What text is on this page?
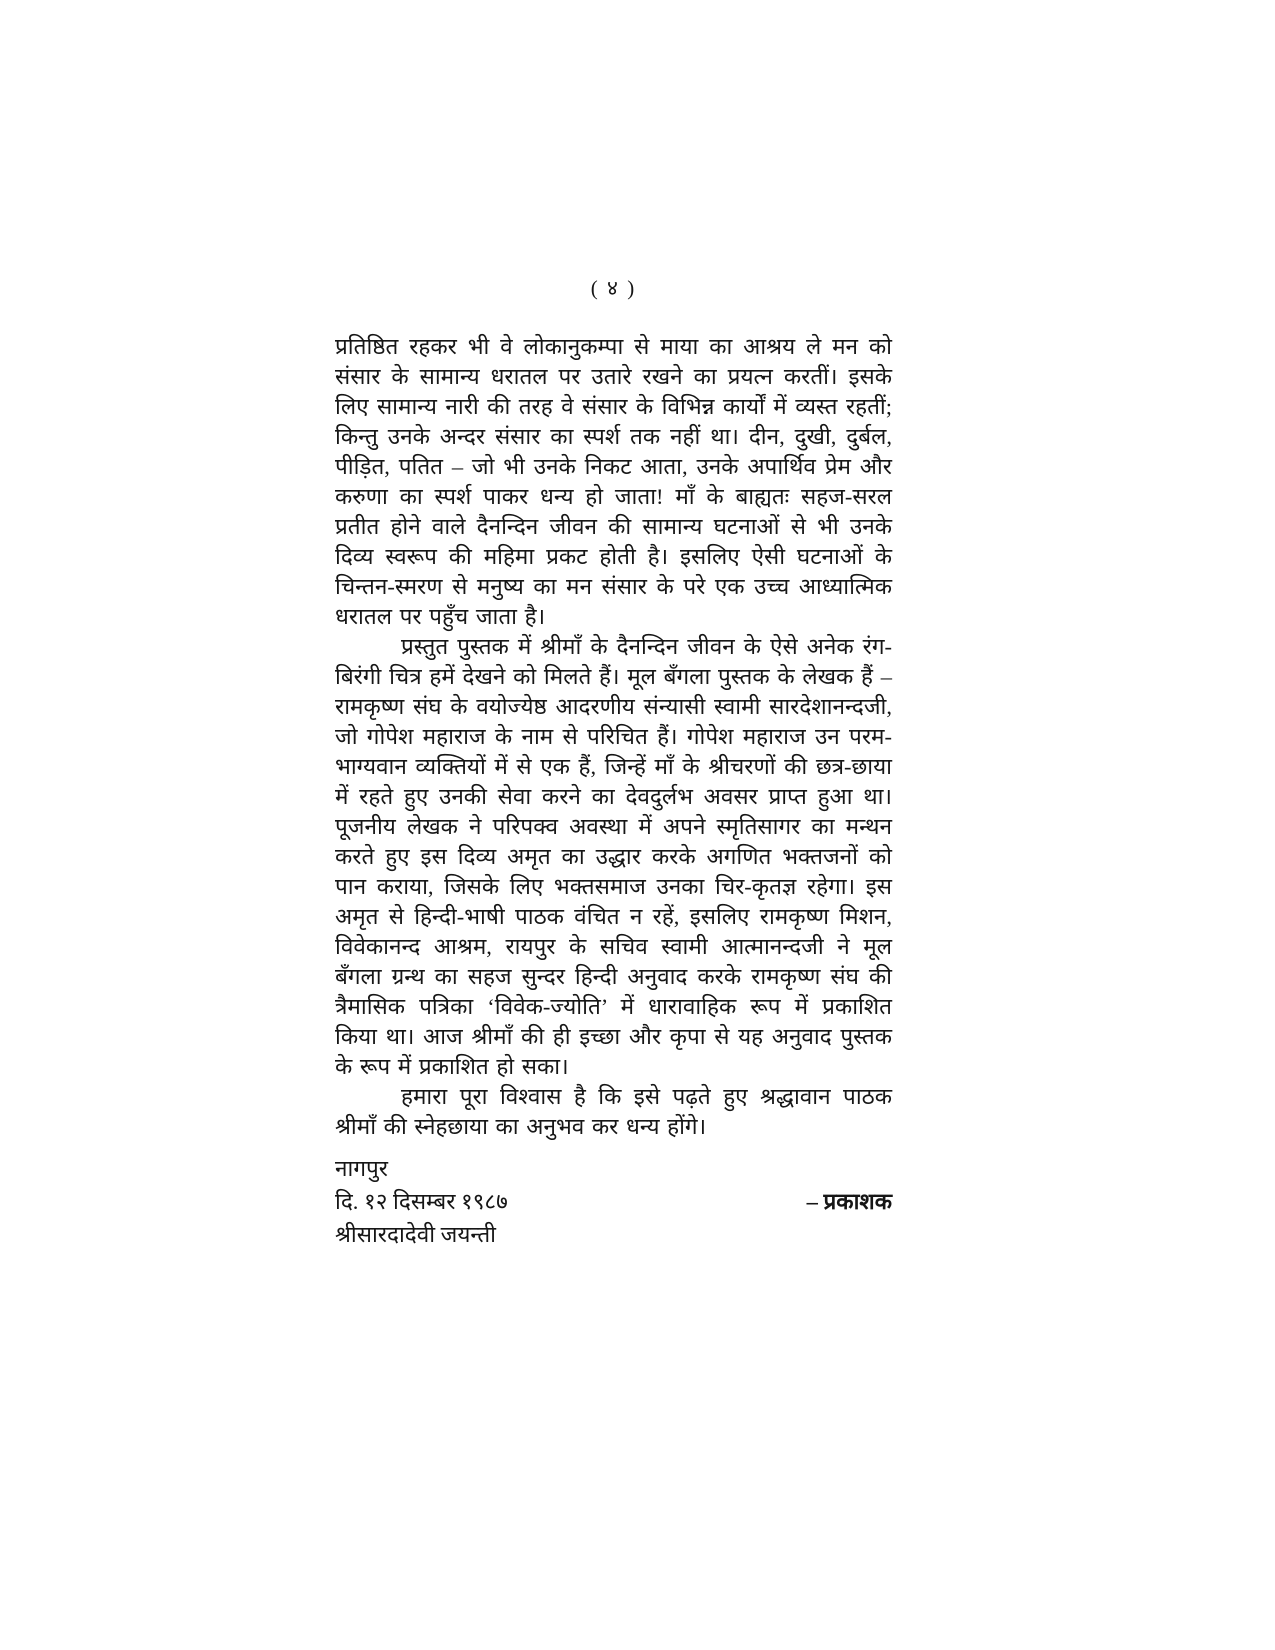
( ४ )

प्रतिष्ठित रहकर भी वे लोकानुकम्पा से माया का आश्रय ले मन को संसार के सामान्य धरातल पर उतारे रखने का प्रयत्न करतीं। इसके लिए सामान्य नारी की तरह वे संसार के विभिन्न कार्यों में व्यस्त रहतीं; किन्तु उनके अन्दर संसार का स्पर्श तक नहीं था। दीन, दुखी, दुर्बल, पीड़ित, पतित – जो भी उनके निकट आता, उनके अपार्थिव प्रेम और करुणा का स्पर्श पाकर धन्य हो जाता! माँ के बाह्यतः सहज-सरल प्रतीत होने वाले दैनन्दिन जीवन की सामान्य घटनाओं से भी उनके दिव्य स्वरूप की महिमा प्रकट होती है। इसलिए ऐसी घटनाओं के चिन्तन-स्मरण से मनुष्य का मन संसार के परे एक उच्च आध्यात्मिक धरातल पर पहुँच जाता है।

प्रस्तुत पुस्तक में श्रीमाँ के दैनन्दिन जीवन के ऐसे अनेक रंग-बिरंगी चित्र हमें देखने को मिलते हैं। मूल बँगला पुस्तक के लेखक हैं – रामकृष्ण संघ के वयोज्येष्ठ आदरणीय संन्यासी स्वामी सारदेशानन्दजी, जो गोपेश महाराज के नाम से परिचित हैं। गोपेश महाराज उन परम-भाग्यवान व्यक्तियों में से एक हैं, जिन्हें माँ के श्रीचरणों की छत्र-छाया में रहते हुए उनकी सेवा करने का देवदुर्लभ अवसर प्राप्त हुआ था। पूजनीय लेखक ने परिपक्व अवस्था में अपने स्मृतिसागर का मन्थन करते हुए इस दिव्य अमृत का उद्धार करके अगणित भक्तजनों को पान कराया, जिसके लिए भक्तसमाज उनका चिर-कृतज्ञ रहेगा। इस अमृत से हिन्दी-भाषी पाठक वंचित न रहें, इसलिए रामकृष्ण मिशन, विवेकानन्द आश्रम, रायपुर के सचिव स्वामी आत्मानन्दजी ने मूल बँगला ग्रन्थ का सहज सुन्दर हिन्दी अनुवाद करके रामकृष्ण संघ की त्रैमासिक पत्रिका ‘विवेक-ज्योति’ में धारावाहिक रूप में प्रकाशित किया था। आज श्रीमाँ की ही इच्छा और कृपा से यह अनुवाद पुस्तक के रूप में प्रकाशित हो सका।

हमारा पूरा विश्वास है कि इसे पढ़ते हुए श्रद्धावान पाठक श्रीमाँ की स्नेहछाया का अनुभव कर धन्य होंगे।

नागपुर
दि. १२ दिसम्बर १९८७	– प्रकाशक
श्रीसारदादेवी जयन्ती
